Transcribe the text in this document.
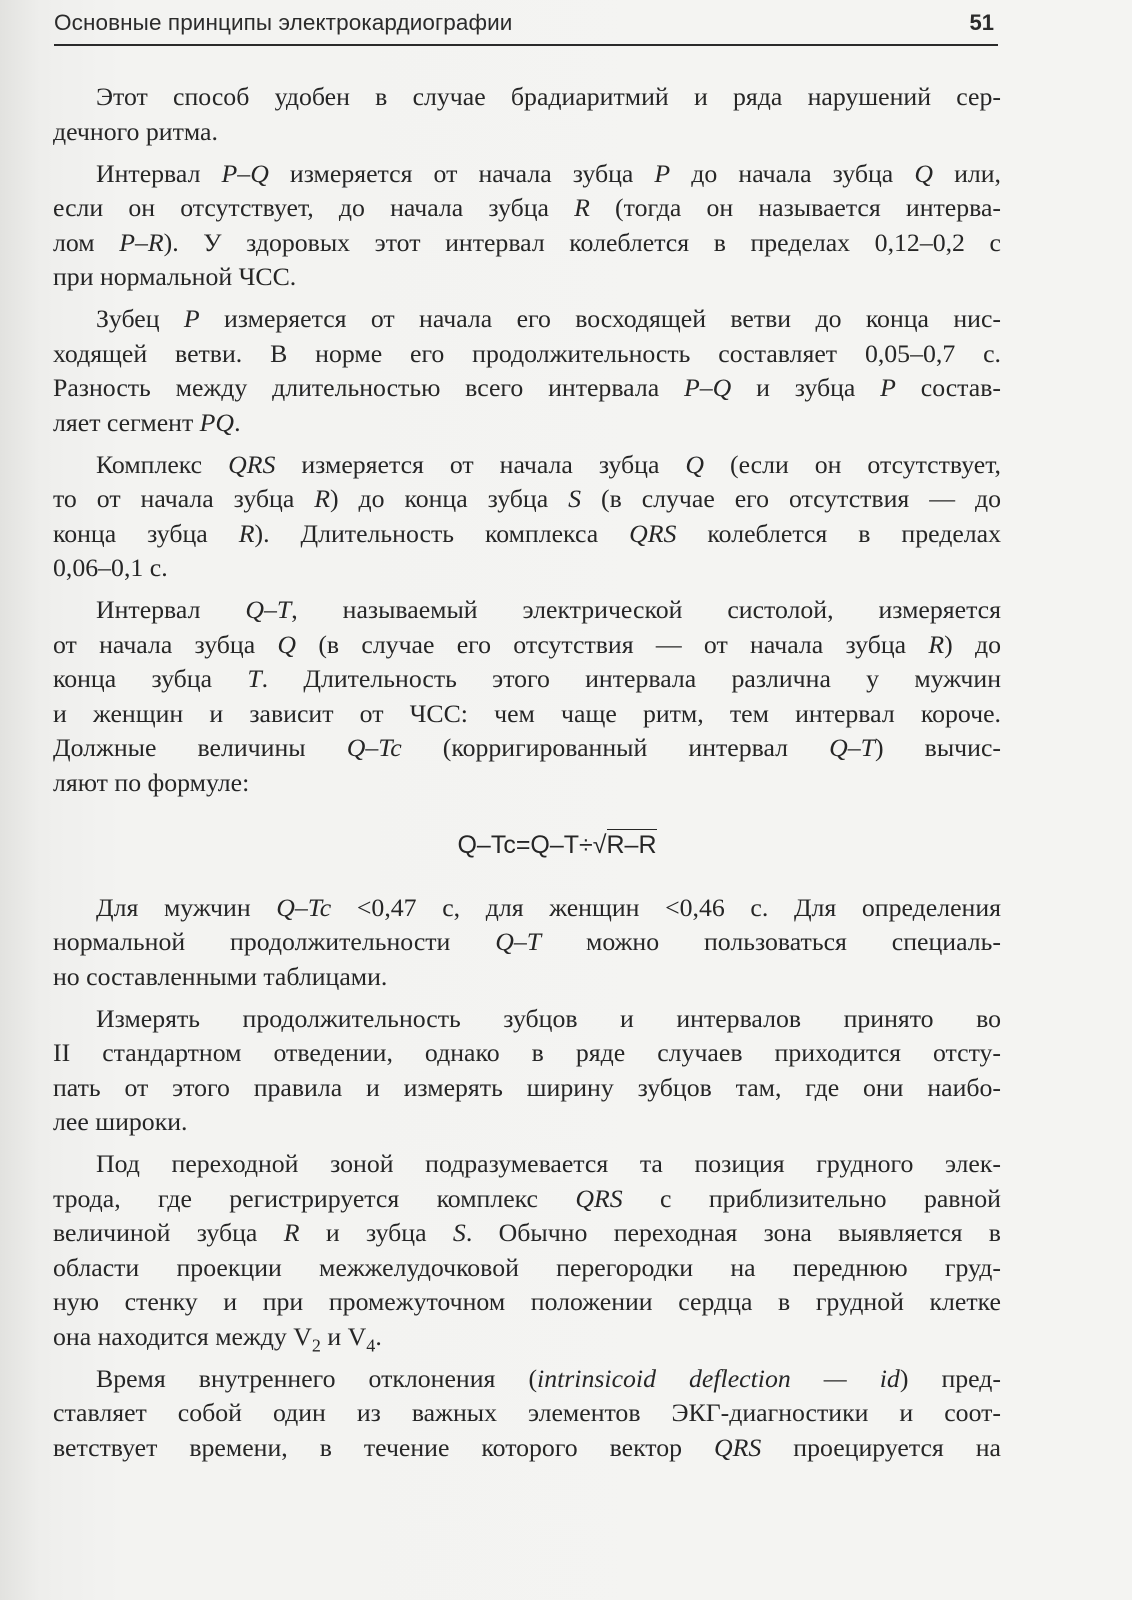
Основные принципы электрокардиографии	51

Этот способ удобен в случае брадиаритмий и ряда нарушений сер-
дечного ритма.

Интервал P–Q измеряется от начала зубца P до начала зубца Q или,
если он отсутствует, до начала зубца R (тогда он называется интерва-
лом P–R). У здоровых этот интервал колеблется в пределах 0,12–0,2 с
при нормальной ЧСС.

Зубец P измеряется от начала его восходящей ветви до конца нис-
ходящей ветви. В норме его продолжительность составляет 0,05–0,7 с.
Разность между длительностью всего интервала P–Q и зубца P состав-
ляет сегмент PQ.

Комплекс QRS измеряется от начала зубца Q (если он отсутствует,
то от начала зубца R) до конца зубца S (в случае его отсутствия — до
конца зубца R). Длительность комплекса QRS колеблется в пределах
0,06–0,1 с.

Интервал Q–T, называемый электрической систолой, измеряется
от начала зубца Q (в случае его отсутствия — от начала зубца R) до
конца зубца T. Длительность этого интервала различна у мужчин
и женщин и зависит от ЧСС: чем чаще ритм, тем интервал короче.
Должные величины Q–Tc (корригированный интервал Q–T) вычис-
ляют по формуле:

Q–Tc=Q–T÷√R–R

Для мужчин Q–Tc <0,47 с, для женщин <0,46 с. Для определения
нормальной продолжительности Q–T можно пользоваться специаль-
но составленными таблицами.

Измерять продолжительность зубцов и интервалов принято во
II стандартном отведении, однако в ряде случаев приходится отсту-
пать от этого правила и измерять ширину зубцов там, где они наибо-
лее широки.

Под переходной зоной подразумевается та позиция грудного элек-
трода, где регистрируется комплекс QRS с приблизительно равной
величиной зубца R и зубца S. Обычно переходная зона выявляется в
области проекции межжелудочковой перегородки на переднюю груд-
ную стенку и при промежуточном положении сердца в грудной клетке
она находится между $V_2$ и $V_4$.

Время внутреннего отклонения (intrinsicoid deflection — id) пред-
ставляет собой один из важных элементов ЭКГ-диагностики и соот-
ветствует времени, в течение которого вектор QRS проецируется на
